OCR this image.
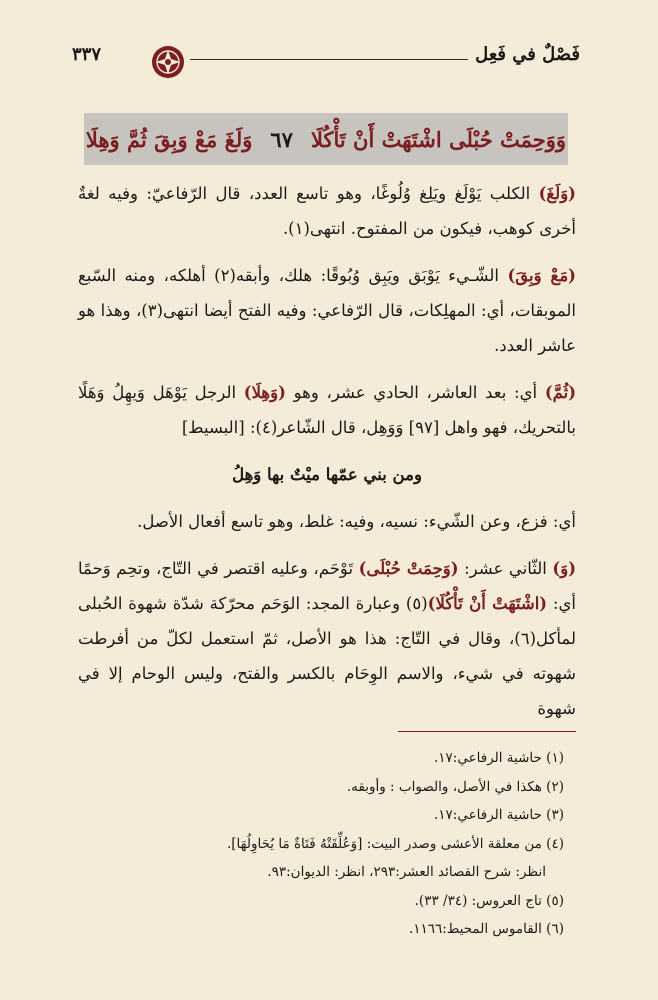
فَصْلٌ في فَعِل
٣٣٧
وَوَحِمَتْ حُبْلَى اشْتَهَتْ أَنْ تَأْكُلَا
٦٧
وَلَغَ مَعْ وَبِقَ ثُمَّ وَهِلَا

(وَلَغَ) الكلب يَوْلَغ ويَلِغ وُلُوغًا، وهو تاسع العدد، قال الرّفاعيّ: وفيه لغةٌ أخرى كوهب، فيكون من المفتوح. انتهى(١).

(مَعْ وَبِقَ) الشّـيء يَوْبَق ويَبِق وُبُوقًا: هلك، وأبقه(٢) أهلكه، ومنه السّبع الموبقات، أي: المهلِكات، قال الرّفاعي: وفيه الفتح أيضا انتهى(٣)، وهذا هو عاشر العدد.

(ثُمَّ) أي: بعد العاشر، الحادي عشر، وهو (وَهِلَا) الرجل يَوْهَل وَيهِلُ وَهَلًا بالتحريك، فهو واهل [٩٧] وَوَهِل، قال الشّاعر(٤): [البسيط]

ومن بني عمّها ميْتٌ بها وَهِلُ

أي: فزع، وعن الشّيء: نسيه، وفيه: غلط، وهو تاسع أفعال الأصل.

(وَ) الثّاني عشر: (وَحِمَتْ حُبْلَى) تَوْحَم، وعليه اقتصر في التّاج، وتحِم وَحمًا أي: (اشْتَهَتْ أَنْ تَأْكُلَا)(٥) وعبارة المجد: الوَحَم محرّكة شدّة شهوة الحُبلى لمأكل(٦)، وقال في التّاج: هذا هو الأصل، ثمّ استعمل لكلّ من أفرطت شهوته في شيء، والاسم الوِحَام بالكسر والفتح، وليس الوحام إلا في شهوة

(١) حاشية الرفاعي:١٧.
(٢) هكذا في الأصل، والصواب : وأوبقه.
(٣) حاشية الرفاعي:١٧.
(٤) من معلقة الأعشى وصدر البيت: [وَعُلِّقَتْهُ فَتَاةٌ مَا يُحَاوِلُهَا].
انظر: شرح القصائد العشر:٢٩٣، انظر: الديوان:٩٣.
(٥) تاج العروس: (٣٤/ ٣٣).
(٦) القاموس المحيط:١١٦٦.
